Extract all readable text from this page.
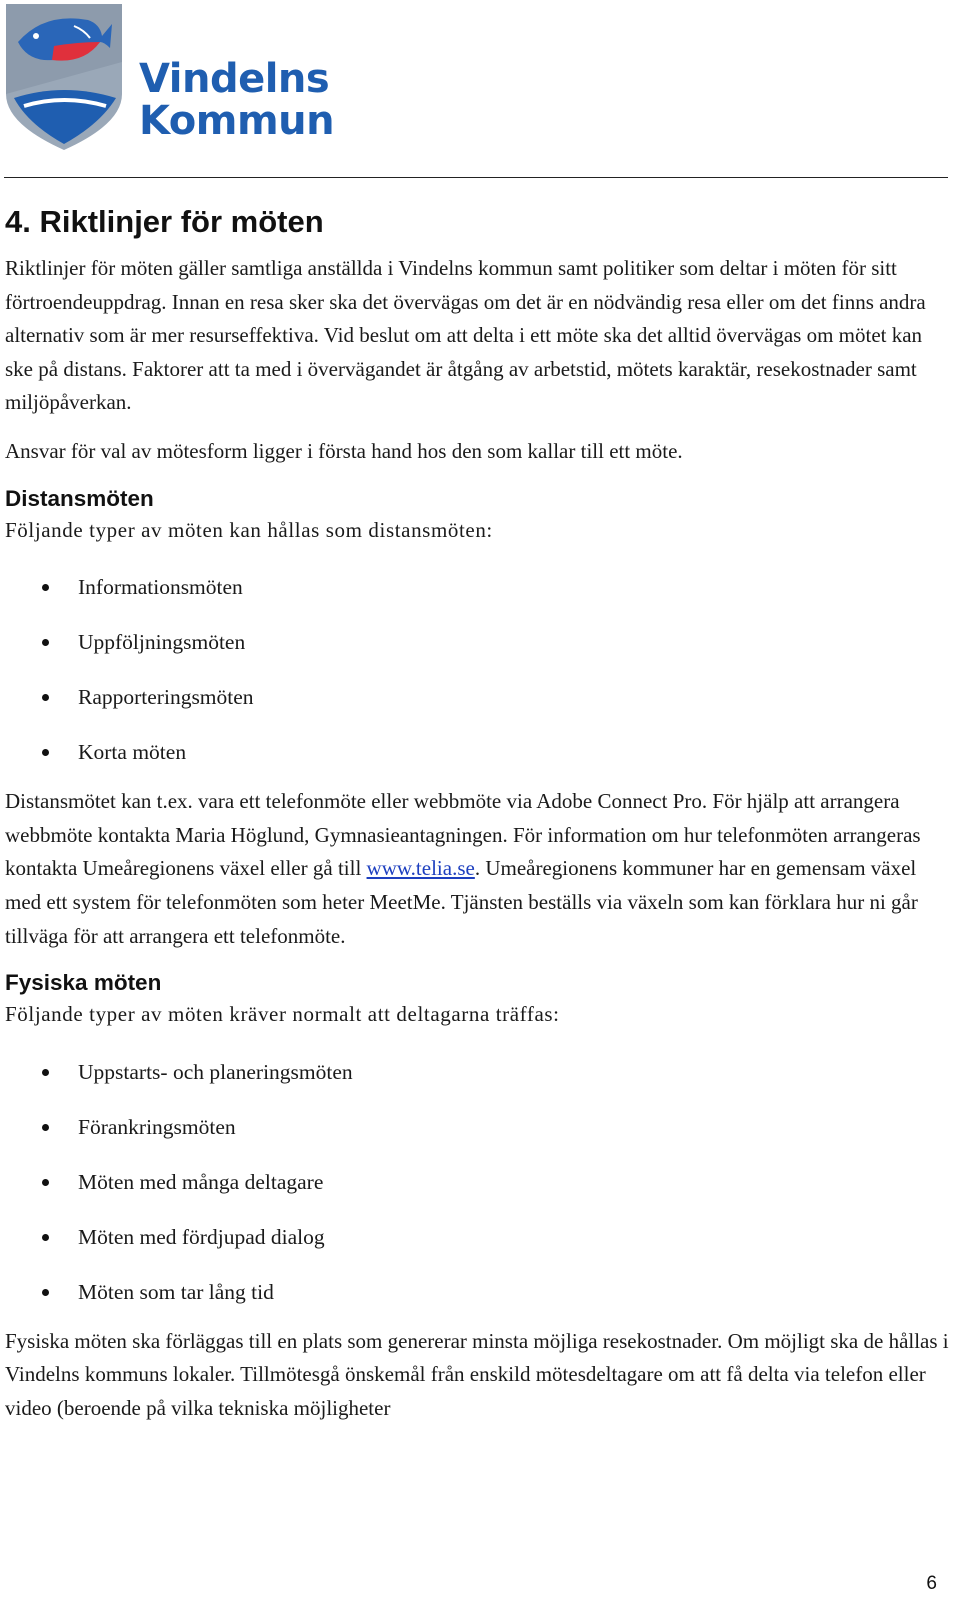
Vindelns
Kommun
4. Riktlinjer för möten

Riktlinjer för möten gäller samtliga anställda i Vindelns kommun samt politiker som deltar i möten för sitt förtroendeuppdrag. Innan en resa sker ska det övervägas om det är en nödvändig resa eller om det finns andra alternativ som är mer resurseffektiva. Vid beslut om att delta i ett möte ska det alltid övervägas om mötet kan ske på distans. Faktorer att ta med i övervägandet är åtgång av arbetstid, mötets karaktär, resekostnader samt miljöpåverkan.

Ansvar för val av mötesform ligger i första hand hos den som kallar till ett möte.

Distansmöten

Följande typer av möten kan hållas som distansmöten:

Informationsmöten
Uppföljningsmöten
Rapporteringsmöten
Korta möten

Distansmötet kan t.ex. vara ett telefonmöte eller webbmöte via Adobe Connect Pro. För hjälp att arrangera webbmöte kontakta Maria Höglund, Gymnasieantagningen. För information om hur telefonmöten arrangeras kontakta Umeåregionens växel eller gå till www.telia.se. Umeåregionens kommuner har en gemensam växel med ett system för telefonmöten som heter MeetMe. Tjänsten beställs via växeln som kan förklara hur ni går tillväga för att arrangera ett telefonmöte.

Fysiska möten

Följande typer av möten kräver normalt att deltagarna träffas:

Uppstarts- och planeringsmöten
Förankringsmöten
Möten med många deltagare
Möten med fördjupad dialog
Möten som tar lång tid

Fysiska möten ska förläggas till en plats som genererar minsta möjliga resekostnader. Om möjligt ska de hållas i Vindelns kommuns lokaler. Tillmötesgå önskemål från enskild mötesdeltagare om att få delta via telefon eller video (beroende på vilka tekniska möjligheter

6
